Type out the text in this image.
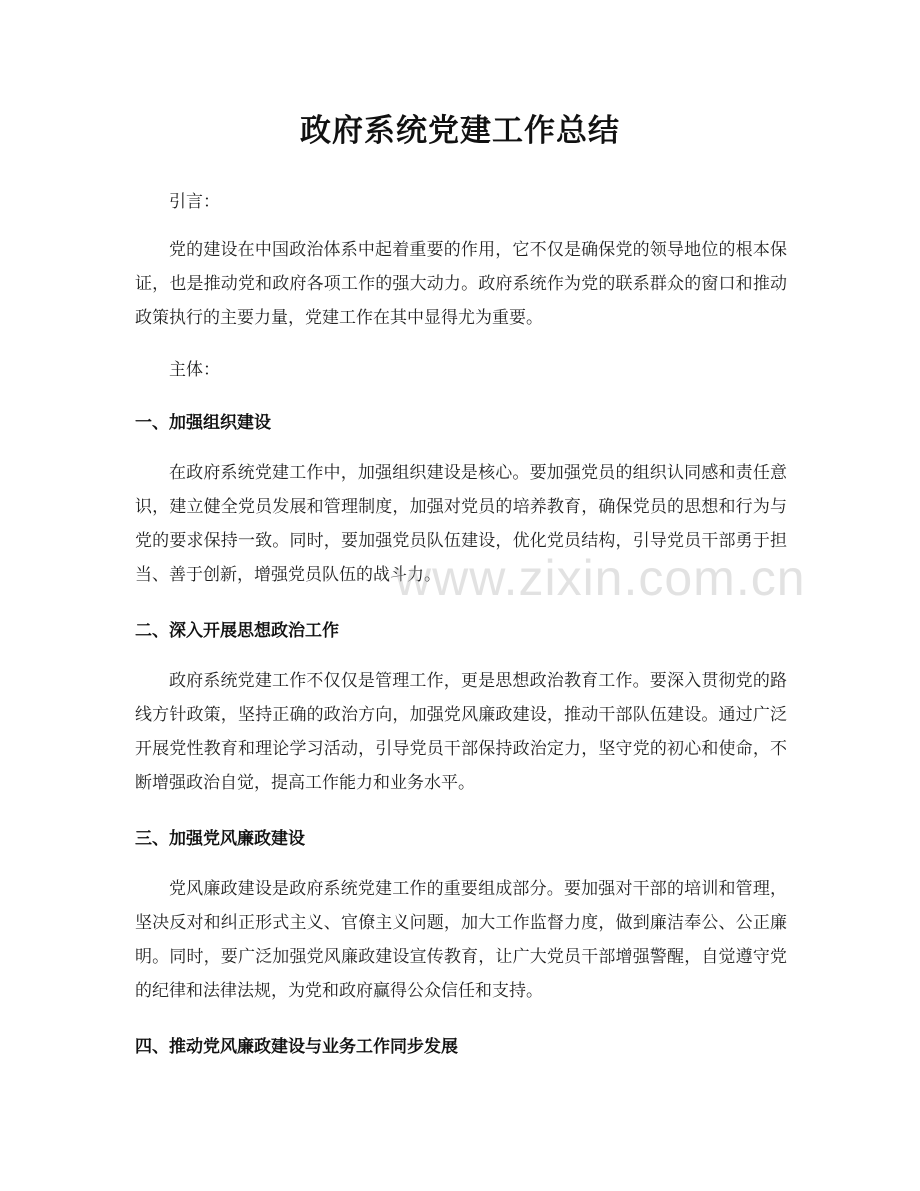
政府系统党建工作总结

引言：

党的建设在中国政治体系中起着重要的作用，它不仅是确保党的领导地位的根本保证，也是推动党和政府各项工作的强大动力。政府系统作为党的联系群众的窗口和推动政策执行的主要力量，党建工作在其中显得尤为重要。

主体：

一、加强组织建设

在政府系统党建工作中，加强组织建设是核心。要加强党员的组织认同感和责任意识，建立健全党员发展和管理制度，加强对党员的培养教育，确保党员的思想和行为与党的要求保持一致。同时，要加强党员队伍建设，优化党员结构，引导党员干部勇于担当、善于创新，增强党员队伍的战斗力。

二、深入开展思想政治工作

政府系统党建工作不仅仅是管理工作，更是思想政治教育工作。要深入贯彻党的路线方针政策，坚持正确的政治方向，加强党风廉政建设，推动干部队伍建设。通过广泛开展党性教育和理论学习活动，引导党员干部保持政治定力，坚守党的初心和使命，不断增强政治自觉，提高工作能力和业务水平。

三、加强党风廉政建设

党风廉政建设是政府系统党建工作的重要组成部分。要加强对干部的培训和管理，坚决反对和纠正形式主义、官僚主义问题，加大工作监督力度，做到廉洁奉公、公正廉明。同时，要广泛加强党风廉政建设宣传教育，让广大党员干部增强警醒，自觉遵守党的纪律和法律法规，为党和政府赢得公众信任和支持。

四、推动党风廉政建设与业务工作同步发展
www.zixin.com.cn
